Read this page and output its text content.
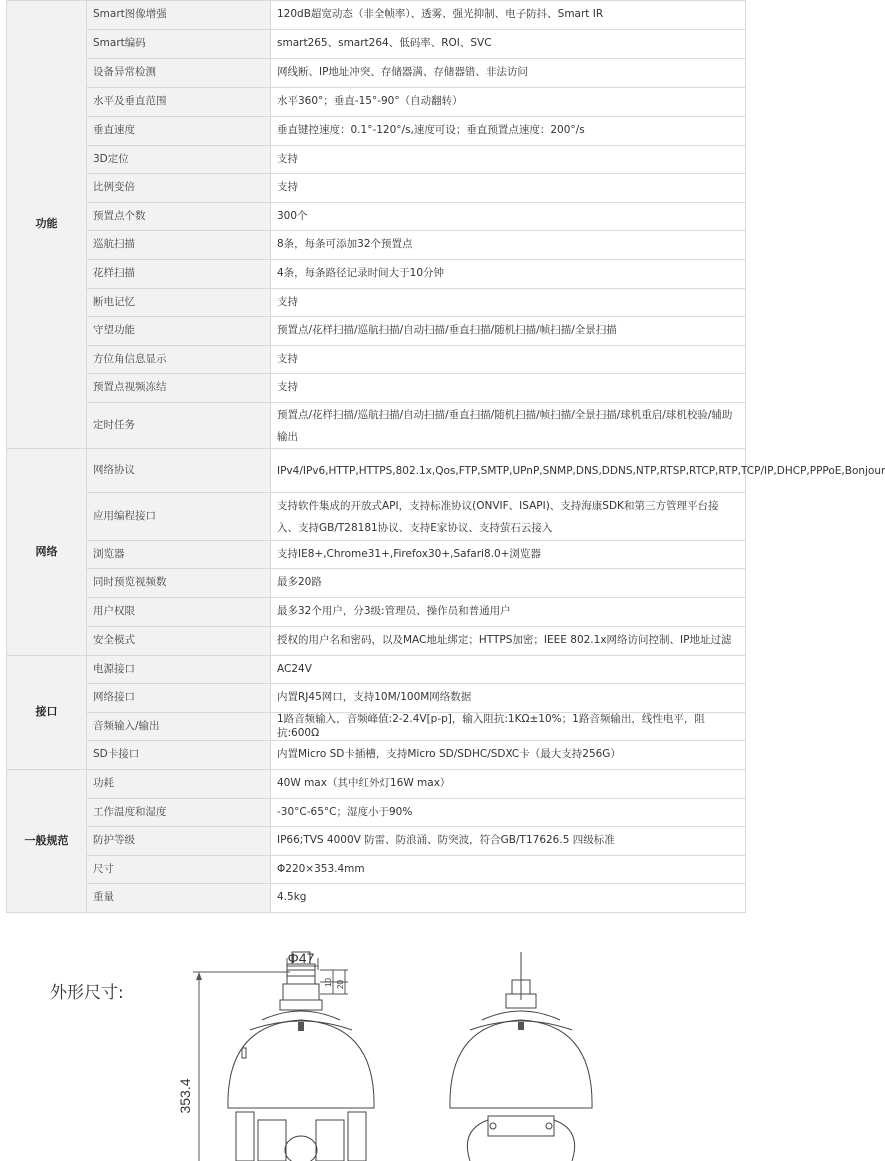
功能	Smart图像增强	120dB超宽动态（非全帧率）、透雾、强光抑制、电子防抖、Smart IR
	Smart编码	smart265、smart264、低码率、ROI、SVC
	设备异常检测	网线断、IP地址冲突、存储器满、存储器错、非法访问
	水平及垂直范围	水平360°；垂直-15°-90°（自动翻转）
	垂直速度	垂直键控速度：0.1°-120°/s,速度可设；垂直预置点速度：200°/s
	3D定位	支持
	比例变倍	支持
	预置点个数	300个
	巡航扫描	8条，每条可添加32个预置点
	花样扫描	4条，每条路径记录时间大于10分钟
	断电记忆	支持
	守望功能	预置点/花样扫描/巡航扫描/自动扫描/垂直扫描/随机扫描/帧扫描/全景扫描
	方位角信息显示	支持
	预置点视频冻结	支持
	定时任务	预置点/花样扫描/巡航扫描/自动扫描/垂直扫描/随机扫描/帧扫描/全景扫描/球机重启/球机校验/辅助输出
网络	网络协议	IPv4/IPv6,HTTP,HTTPS,802.1x,Qos,FTP,SMTP,UPnP,SNMP,DNS,DDNS,NTP,RTSP,RTCP,RTP,TCP/IP,DHCP,PPPoE,Bonjour
	应用编程接口	支持软件集成的开放式API，支持标准协议(ONVIF、ISAPI)、支持海康SDK和第三方管理平台接入、支持GB/T28181协议、支持E家协议、支持萤石云接入
	浏览器	支持IE8+,Chrome31+,Firefox30+,Safari8.0+浏览器
	同时预览视频数	最多20路
	用户权限	最多32个用户，分3级:管理员、操作员和普通用户
	安全模式	授权的用户名和密码，以及MAC地址绑定；HTTPS加密；IEEE 802.1x网络访问控制、IP地址过滤
接口	电源接口	AC24V
	网络接口	内置RJ45网口，支持10M/100M网络数据
	音频输入/输出	1路音频输入，音频峰值:2-2.4V[p-p]，输入阻抗:1KΩ±10%；1路音频输出，线性电平，阻抗:600Ω
	SD卡接口	内置Micro SD卡插槽，支持Micro SD/SDHC/SDXC卡（最大支持256G）
一般规范	功耗	40W max（其中红外灯16W max）
	工作温度和湿度	-30°C-65°C；湿度小于90%
	防护等级	IP66;TVS 4000V 防雷、防浪涌、防突波，符合GB/T17626.5 四级标准
	尺寸	Φ220×353.4mm
	重量	4.5kg
外形尺寸:
Φ47
10 20
353.4
